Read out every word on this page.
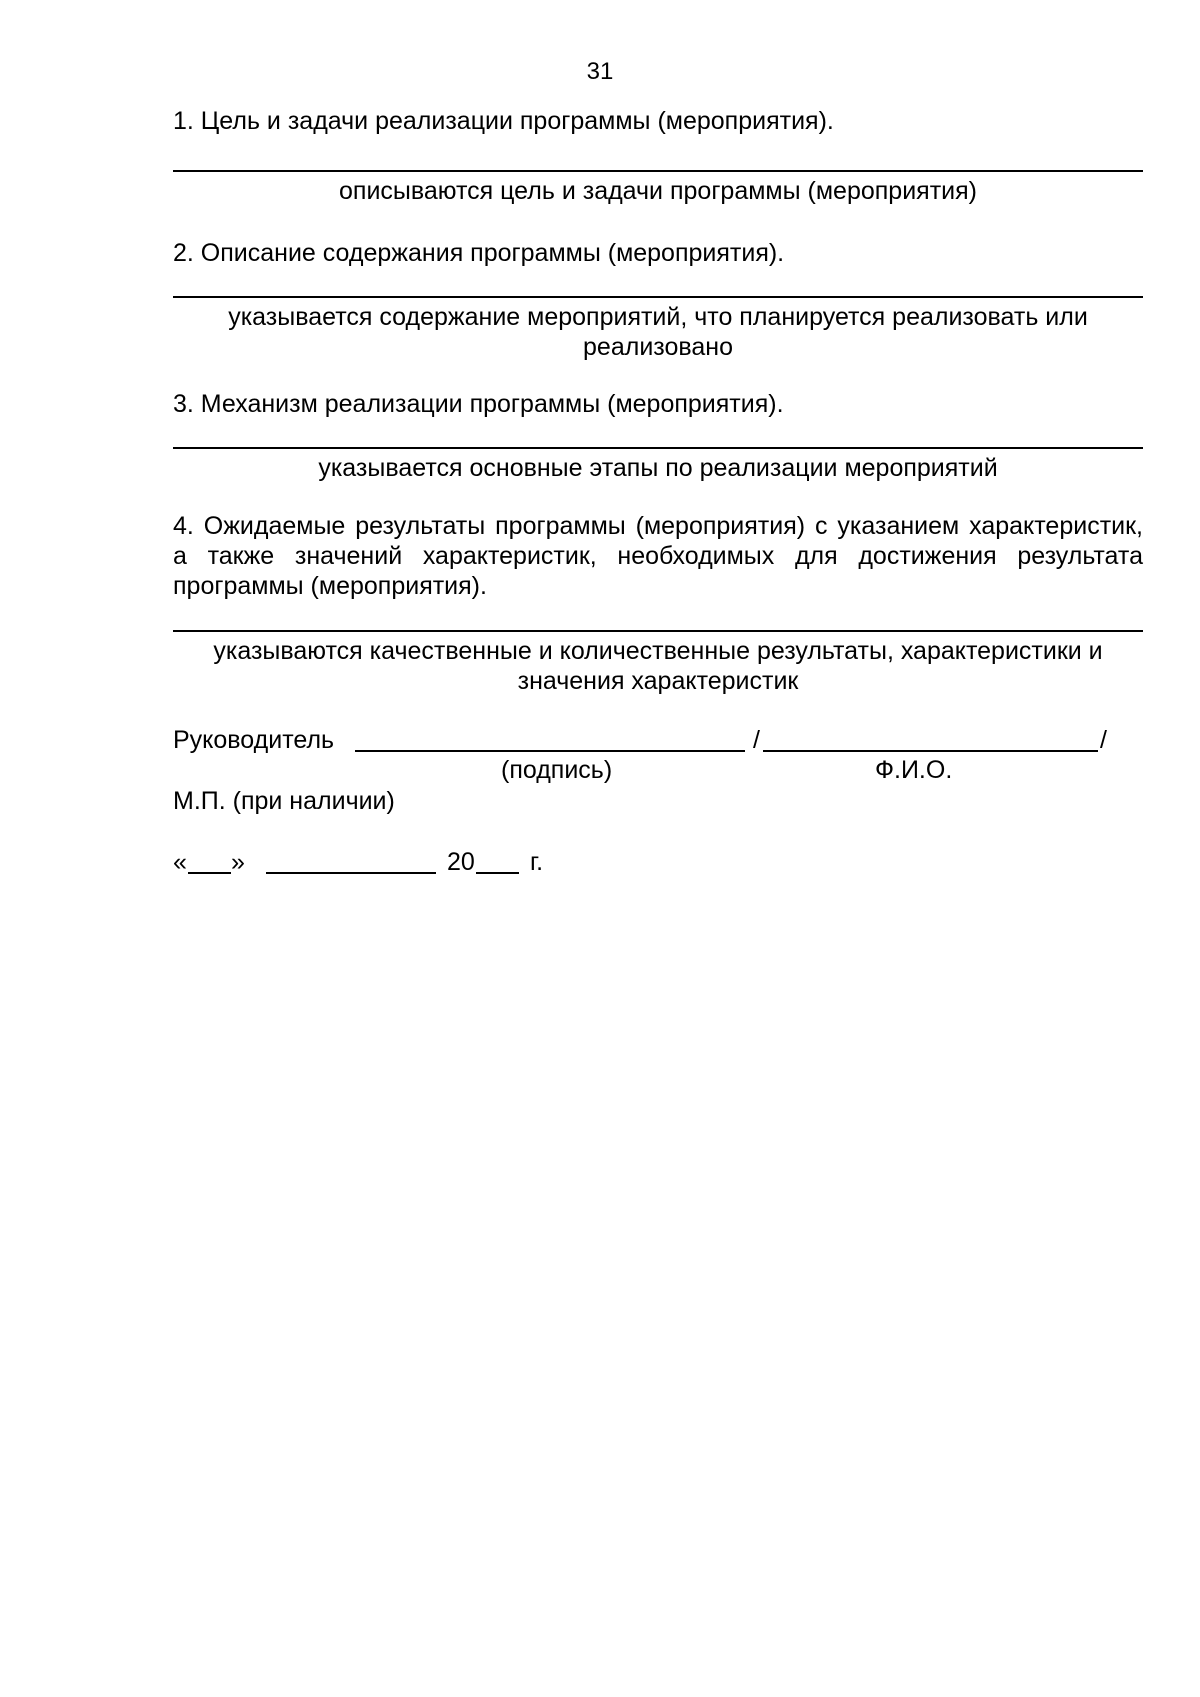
31

1. Цель и задачи реализации программы (мероприятия).

описываются цель и задачи программы (мероприятия)

2. Описание содержания программы (мероприятия).

указывается содержание мероприятий, что планируется реализовать или
реализовано

3. Механизм реализации программы (мероприятия).

указывается основные этапы по реализации мероприятий

4. Ожидаемые результаты программы (мероприятия) с указанием характеристик, а также значений характеристик, необходимых для достижения результата программы (мероприятия).

указываются качественные и количественные результаты, характеристики и
значения характеристик
Руководитель	/	/
(подпись)	Ф.И.О.
М.П. (при наличии)
« »	20 г.
